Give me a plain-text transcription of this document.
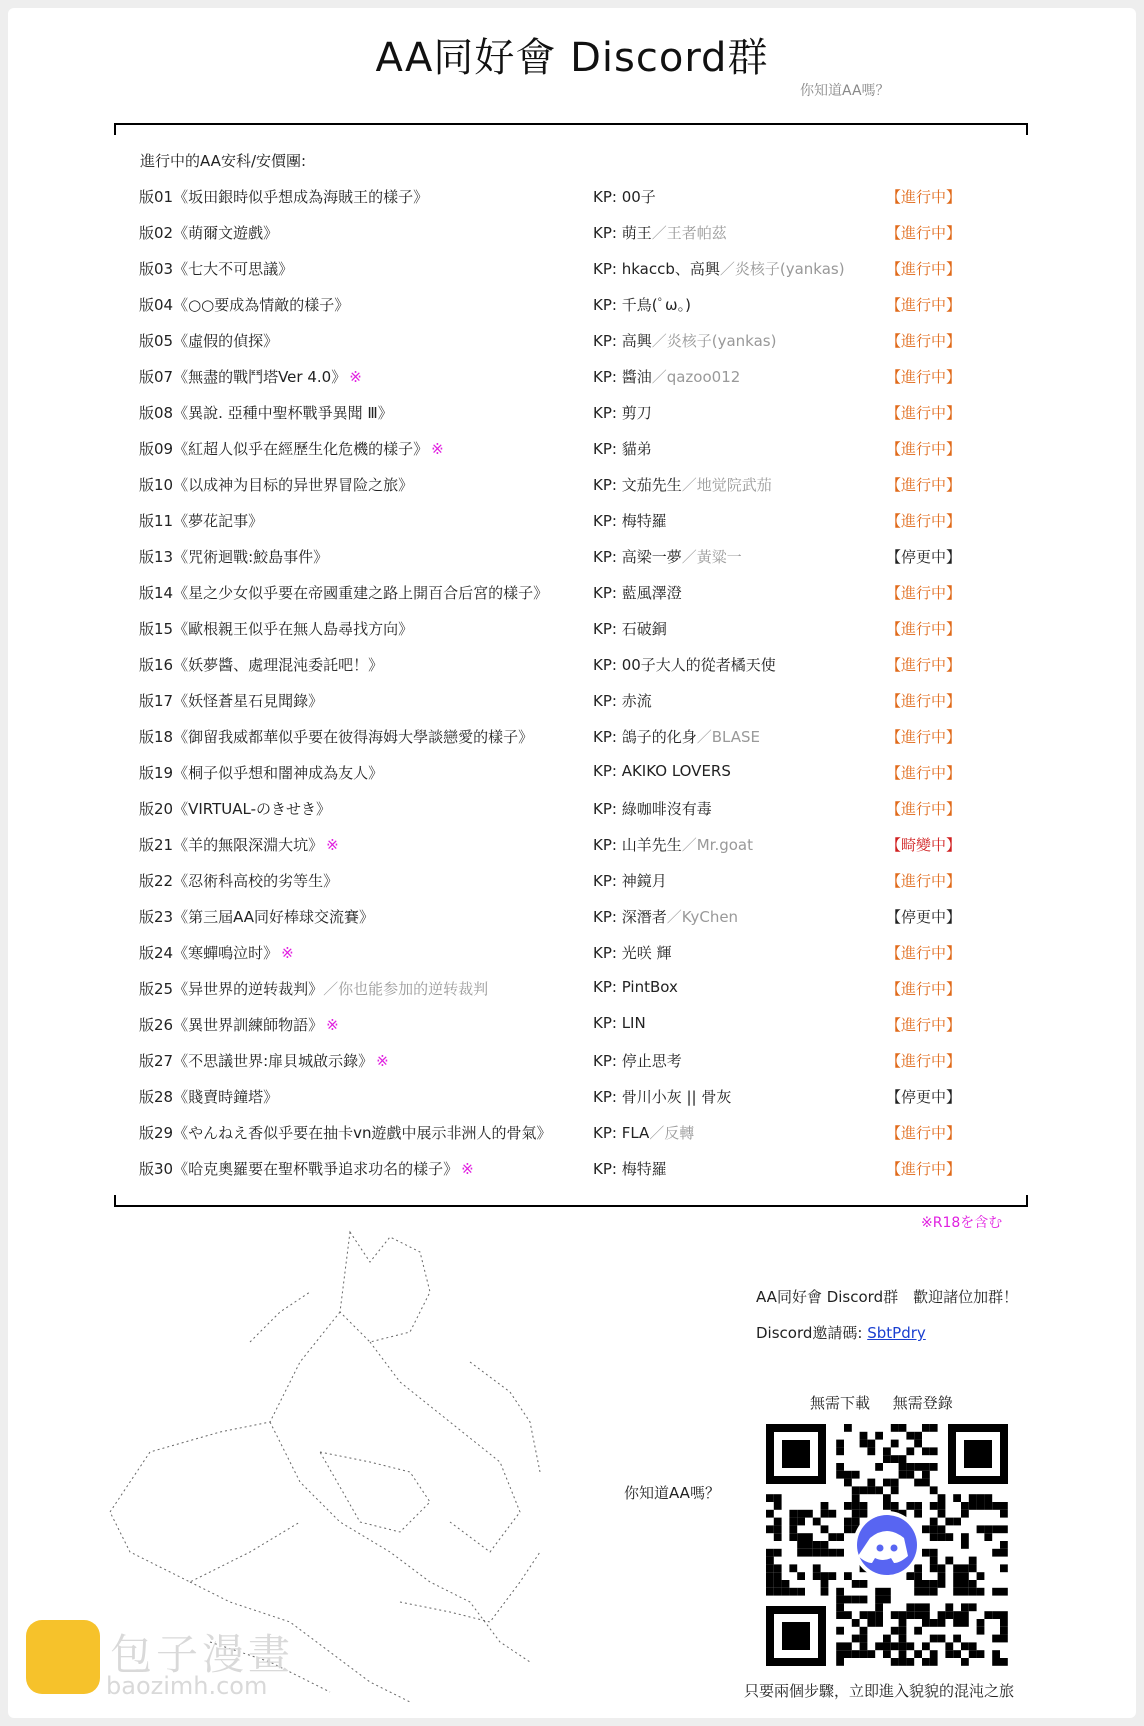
AA同好會 Discord群
你知道AA嗎？
進行中的AA安科/安價團:
版01《坂田銀時似乎想成為海賊王的樣子》	KP: 00子	【進行中】
版02《萌爾文遊戲》	KP: 萌王／王者帕茲	【進行中】
版03《七大不可思議》	KP: hkaccb、高興／炎核子(yankas)	【進行中】
版04《○○要成為情敵的樣子》	KP: 千鳥(ﾟω。)	【進行中】
版05《虛假的偵探》	KP: 高興／炎核子(yankas)	【進行中】
版07《無盡的戰鬥塔Ver 4.0》 ※	KP: 醬油／qazoo012	【進行中】
版08《異說. 亞種中聖杯戰爭異聞 Ⅲ》	KP: 剪刀	【進行中】
版09《紅超人似乎在經歷生化危機的樣子》 ※	KP: 貓弟	【進行中】
版10《以成神为目标的异世界冒险之旅》	KP: 文茄先生／地觉院武茄	【進行中】
版11《夢花記事》	KP: 梅特羅	【進行中】
版13《咒術迴戰:鮫島事件》	KP: 高梁一夢／黃粱一	【停更中】
版14《星之少女似乎要在帝國重建之路上開百合后宮的樣子》	KP: 藍風澤澄	【進行中】
版15《歐根親王似乎在無人島尋找方向》	KP: 石破銅	【進行中】
版16《妖夢醬、處理混沌委託吧！》	KP: 00子大人的從者橘天使	【進行中】
版17《妖怪蒼星石見聞錄》	KP: 赤流	【進行中】
版18《御留我威都華似乎要在彼得海姆大學談戀愛的樣子》	KP: 鴿子的化身／BLASE	【進行中】
版19《桐子似乎想和闇神成為友人》	KP: AKIKO LOVERS	【進行中】
版20《VIRTUAL-のきせき》	KP: 綠咖啡沒有毒	【進行中】
版21《羊的無限深淵大坑》 ※	KP: 山羊先生／Mr.goat	【畸變中】
版22《忍術科高校的劣等生》	KP: 神鏡月	【進行中】
版23《第三屆AA同好棒球交流賽》	KP: 深潛者／KyChen	【停更中】
版24《寒蟬鳴泣时》 ※	KP: 光咲 輝	【進行中】
版25《异世界的逆转裁判》／你也能参加的逆转裁判	KP: PintBox	【進行中】
版26《異世界訓練師物語》 ※	KP: LIN	【進行中】
版27《不思議世界:扉貝城啟示錄》 ※	KP: 停止思考	【進行中】
版28《賤賣時鐘塔》	KP: 骨川小灰 || 骨灰	【停更中】
版29《やんねえ香似乎要在抽卡vn遊戲中展示非洲人的骨氣》	KP: FLA／反轉	【進行中】
版30《哈克奧羅要在聖杯戰爭追求功名的樣子》 ※	KP: 梅特羅	【進行中】
※R18を含む
AA同好會 Discord群　歡迎諸位加群！
Discord邀請碼: SbtPdry
無需下載 無需登錄
你知道AA嗎？
只要兩個步驟，立即進入貌貌的混沌之旅
包子漫畫
baozimh.com
